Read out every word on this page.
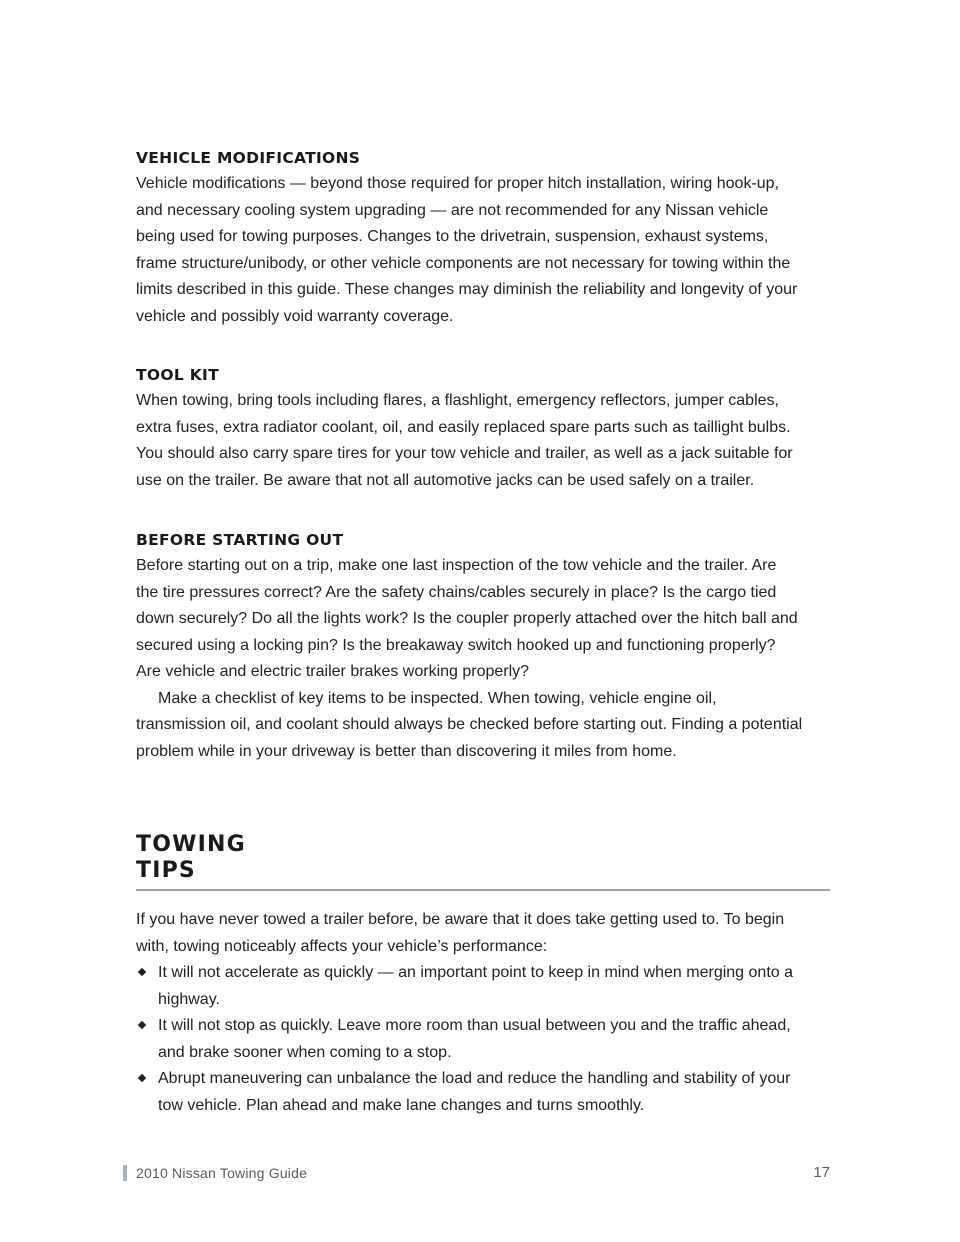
VEHICLE MODIFICATIONS

Vehicle modifications — beyond those required for proper hitch installation, wiring hook-up,

and necessary cooling system upgrading — are not recommended for any Nissan vehicle

being used for towing purposes. Changes to the drivetrain, suspension, exhaust systems,

frame structure/unibody, or other vehicle components are not necessary for towing within the

limits described in this guide. These changes may diminish the reliability and longevity of your

vehicle and possibly void warranty coverage.

TOOL KIT

When towing, bring tools including flares, a flashlight, emergency reflectors, jumper cables,

extra fuses, extra radiator coolant, oil, and easily replaced spare parts such as taillight bulbs.

You should also carry spare tires for your tow vehicle and trailer, as well as a jack suitable for

use on the trailer. Be aware that not all automotive jacks can be used safely on a trailer.

BEFORE STARTING OUT

Before starting out on a trip, make one last inspection of the tow vehicle and the trailer. Are

the tire pressures correct? Are the safety chains/cables securely in place? Is the cargo tied

down securely? Do all the lights work? Is the coupler properly attached over the hitch ball and

secured using a locking pin? Is the breakaway switch hooked up and functioning properly?

Are vehicle and electric trailer brakes working properly?

Make a checklist of key items to be inspected. When towing, vehicle engine oil,

transmission oil, and coolant should always be checked before starting out. Finding a potential

problem while in your driveway is better than discovering it miles from home.

TOWING
TIPS

If you have never towed a trailer before, be aware that it does take getting used to. To begin

with, towing noticeably affects your vehicle’s performance:

It will not accelerate as quickly — an important point to keep in mind when merging onto a
highway.
It will not stop as quickly. Leave more room than usual between you and the traffic ahead,
and brake sooner when coming to a stop.
Abrupt maneuvering can unbalance the load and reduce the handling and stability of your
tow vehicle. Plan ahead and make lane changes and turns smoothly.
2010 Nissan Towing Guide	17
